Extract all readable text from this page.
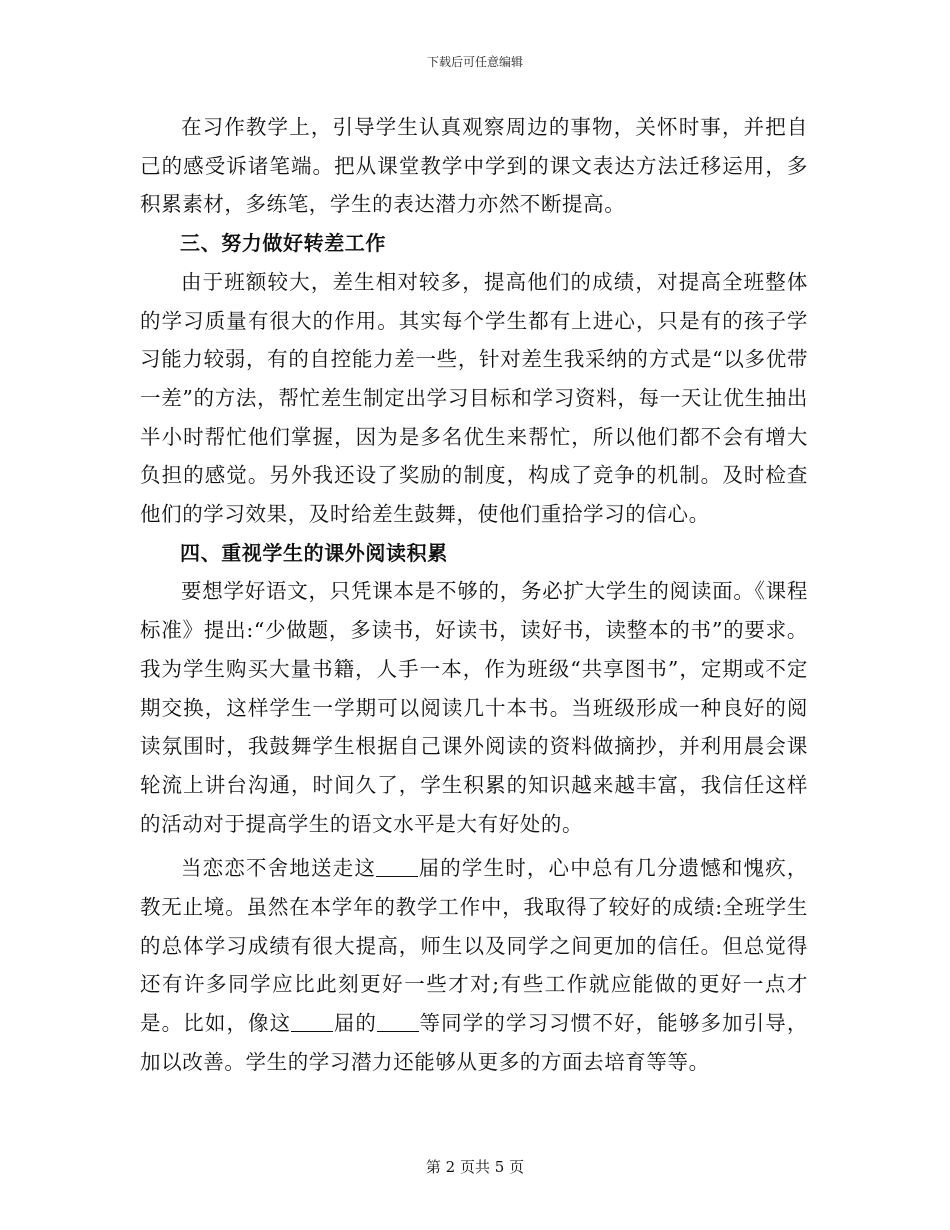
下载后可任意编辑

在习作教学上，引导学生认真观察周边的事物，关怀时事，并把自己的感受诉诸笔端。把从课堂教学中学到的课文表达方法迁移运用，多积累素材，多练笔，学生的表达潜力亦然不断提高。

三、努力做好转差工作

由于班额较大，差生相对较多，提高他们的成绩，对提高全班整体的学习质量有很大的作用。其实每个学生都有上进心，只是有的孩子学习能力较弱，有的自控能力差一些，针对差生我采纳的方式是“以多优带一差”的方法，帮忙差生制定出学习目标和学习资料，每一天让优生抽出半小时帮忙他们掌握，因为是多名优生来帮忙，所以他们都不会有增大负担的感觉。另外我还设了奖励的制度，构成了竞争的机制。及时检查他们的学习效果，及时给差生鼓舞，使他们重拾学习的信心。

四、重视学生的课外阅读积累

要想学好语文，只凭课本是不够的，务必扩大学生的阅读面。《课程标准》提出:“少做题，多读书，好读书，读好书，读整本的书”的要求。我为学生购买大量书籍，人手一本，作为班级“共享图书”，定期或不定期交换，这样学生一学期可以阅读几十本书。当班级形成一种良好的阅读氛围时，我鼓舞学生根据自己课外阅读的资料做摘抄，并利用晨会课轮流上讲台沟通，时间久了，学生积累的知识越来越丰富，我信任这样的活动对于提高学生的语文水平是大有好处的。

当恋恋不舍地送走这 届的学生时，心中总有几分遗憾和愧疚，教无止境。虽然在本学年的教学工作中，我取得了较好的成绩:全班学生的总体学习成绩有很大提高，师生以及同学之间更加的信任。但总觉得还有许多同学应比此刻更好一些才对;有些工作就应能做的更好一点才是。比如，像这 届的 等同学的学习习惯不好，能够多加引导，加以改善。学生的学习潜力还能够从更多的方面去培育等等。

第 2 页共 5 页
